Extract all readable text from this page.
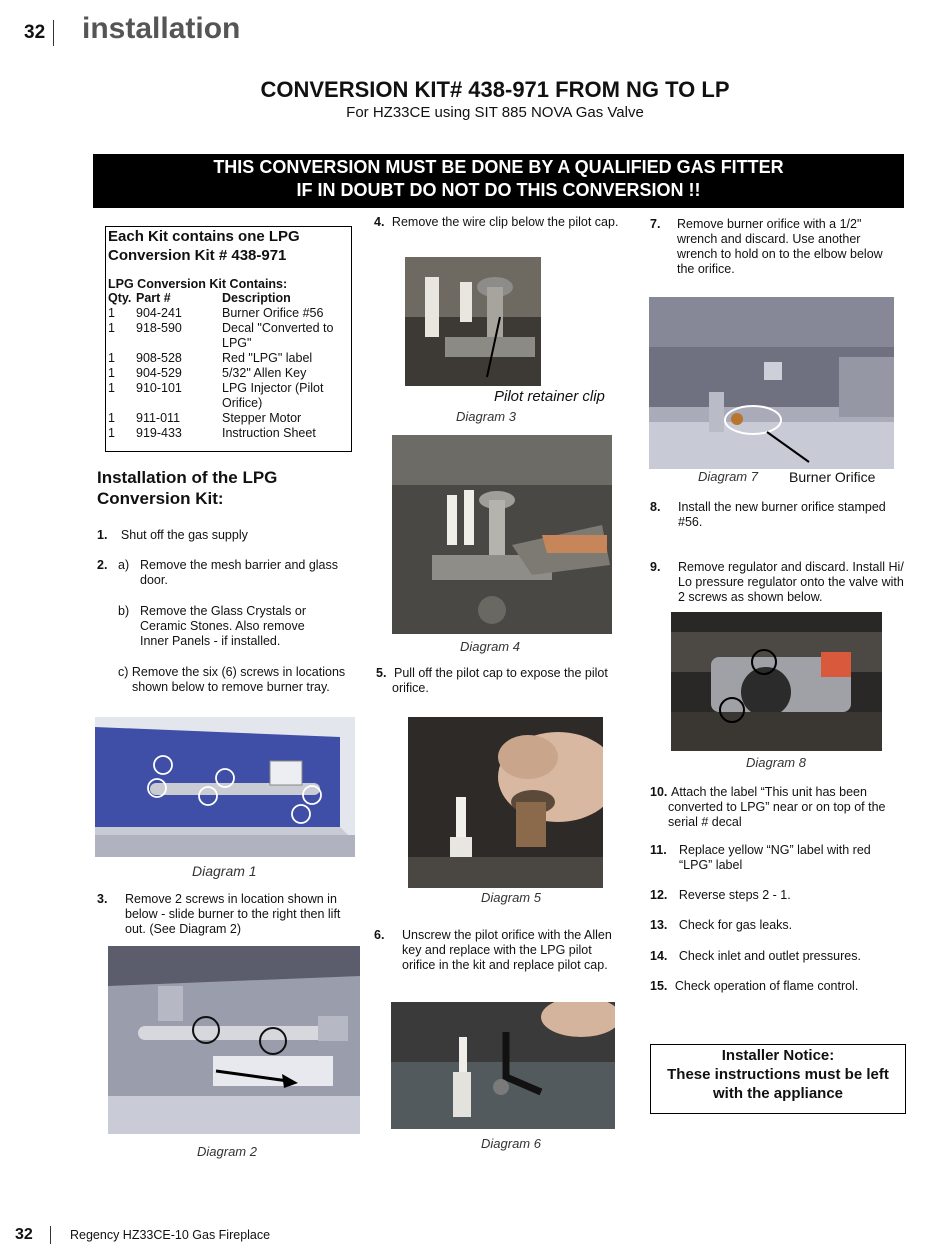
32 installation
CONVERSION KIT# 438-971 FROM NG TO LP
For HZ33CE using SIT 885 NOVA Gas Valve
THIS CONVERSION MUST BE DONE BY A QUALIFIED GAS FITTER
IF IN DOUBT DO NOT DO THIS CONVERSION !!
Each Kit contains one LPG
Conversion Kit # 438-971
LPG Conversion Kit Contains:
Qty.	Part #	Description
1	904-241	Burner Orifice #56
1	918-590	Decal "Converted to LPG"
1	908-528	Red "LPG" label
1	904-529	5/32" Allen Key
1	910-101	LPG Injector (Pilot Orifice)
1	911-011	Stepper Motor
1	919-433	Instruction Sheet
Installation of the LPG
Conversion Kit:
1. Shut off the gas supply
2. a) Remove the mesh barrier and glass door.
b) Remove the Glass Crystals or Ceramic Stones. Also remove Inner Panels - if installed.
c) Remove the six (6) screws in locations shown below to remove burner tray.
Diagram 1
3. Remove 2 screws in location shown in below - slide burner to the right then lift out. (See Diagram 2)
Diagram 2
4. Remove the wire clip below the pilot cap.
Pilot retainer clip
Diagram 3
Diagram 4
5. Pull off the pilot cap to expose the pilot orifice.
Diagram 5
6. Unscrew the pilot orifice with the Allen key and replace with the LPG pilot orifice in the kit and replace pilot cap.
Diagram 6
7. Remove burner orifice with a 1/2" wrench and discard. Use another wrench to hold on to the elbow below the orifice.
Diagram 7 Burner Orifice
8. Install the new burner orifice stamped #56.
9. Remove regulator and discard. Install Hi/ Lo pressure regulator onto the valve with 2 screws as shown below.
Diagram 8
10. Attach the label “This unit has been converted to LPG” near or on top of the serial # decal
11. Replace yellow “NG” label with red “LPG” label
12. Reverse steps 2 - 1.
13. Check for gas leaks.
14. Check inlet and outlet pressures.
15. Check operation of flame control.
Installer Notice:
These instructions must be left
with the appliance
32	Regency HZ33CE-10 Gas Fireplace
